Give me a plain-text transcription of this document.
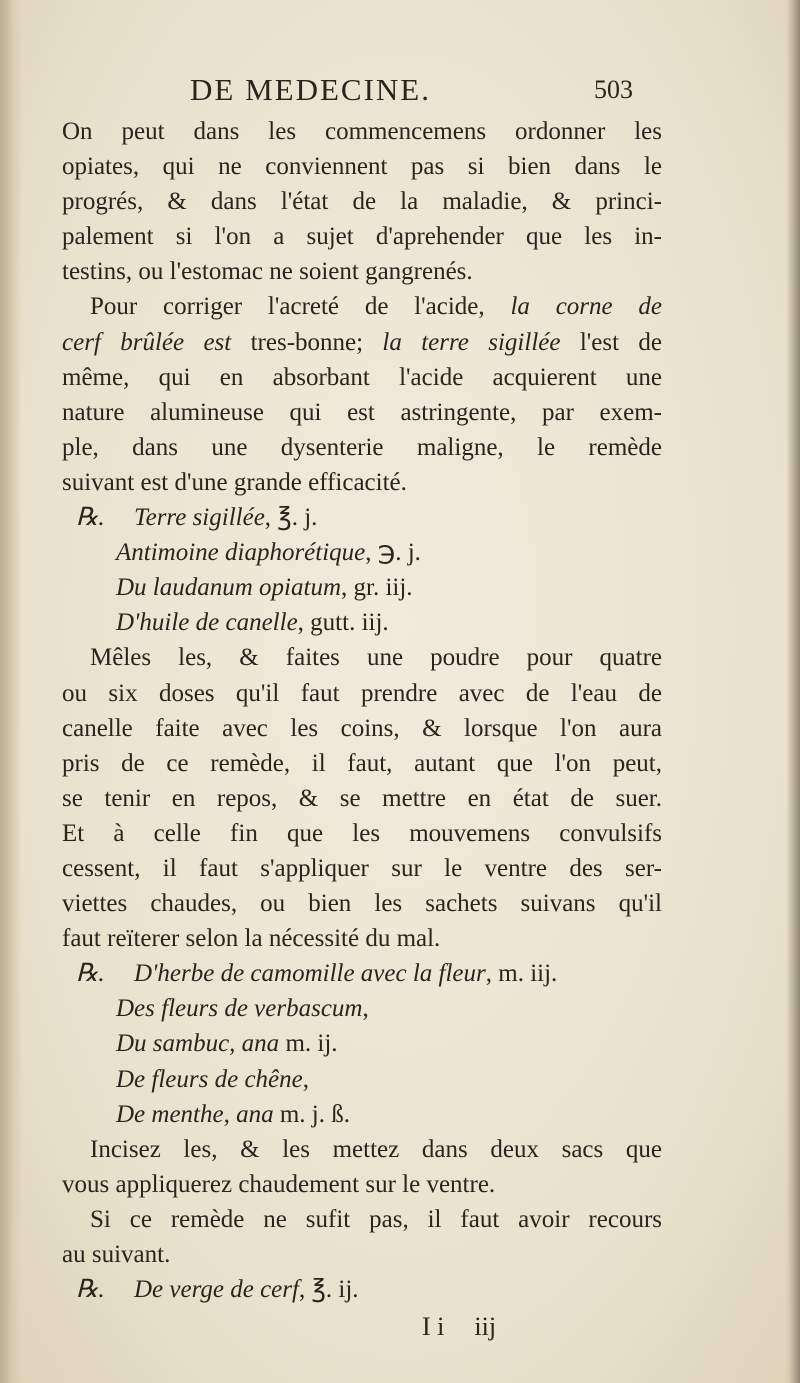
DE MEDECINE.	503
On peut dans les commencemens ordonner les
opiates, qui ne conviennent pas si bien dans le
progrés, & dans l'état de la maladie, & princi-
palement si l'on a sujet d'aprehender que les in-
testins, ou l'estomac ne soient gangrenés.
Pour corriger l'acreté de l'acide, la corne de
cerf brûlée est tres-bonne; la terre sigillée l'est de
même, qui en absorbant l'acide acquierent une
nature alumineuse qui est astringente, par exem-
ple, dans une dysenterie maligne, le remède
suivant est d'une grande efficacité.
℞. Terre sigillée, ℥. j.
Antimoine diaphorétique, ℈. j.
Du laudanum opiatum, gr. iij.
D'huile de canelle, gutt. iij.
Mêles les, & faites une poudre pour quatre
ou six doses qu'il faut prendre avec de l'eau de
canelle faite avec les coins, & lorsque l'on aura
pris de ce remède, il faut, autant que l'on peut,
se tenir en repos, & se mettre en état de suer.
Et à celle fin que les mouvemens convulsifs
cessent, il faut s'appliquer sur le ventre des ser-
viettes chaudes, ou bien les sachets suivans qu'il
faut reïterer selon la nécessité du mal.
℞. D'herbe de camomille avec la fleur, m. iij.
Des fleurs de verbascum,
Du sambuc, ana m. ij.
De fleurs de chêne,
De menthe, ana m. j. ß.
Incisez les, & les mettez dans deux sacs que
vous appliquerez chaudement sur le ventre.
Si ce remède ne sufit pas, il faut avoir recours
au suivant.
℞. De verge de cerf, ℥. ij.
I i iij
